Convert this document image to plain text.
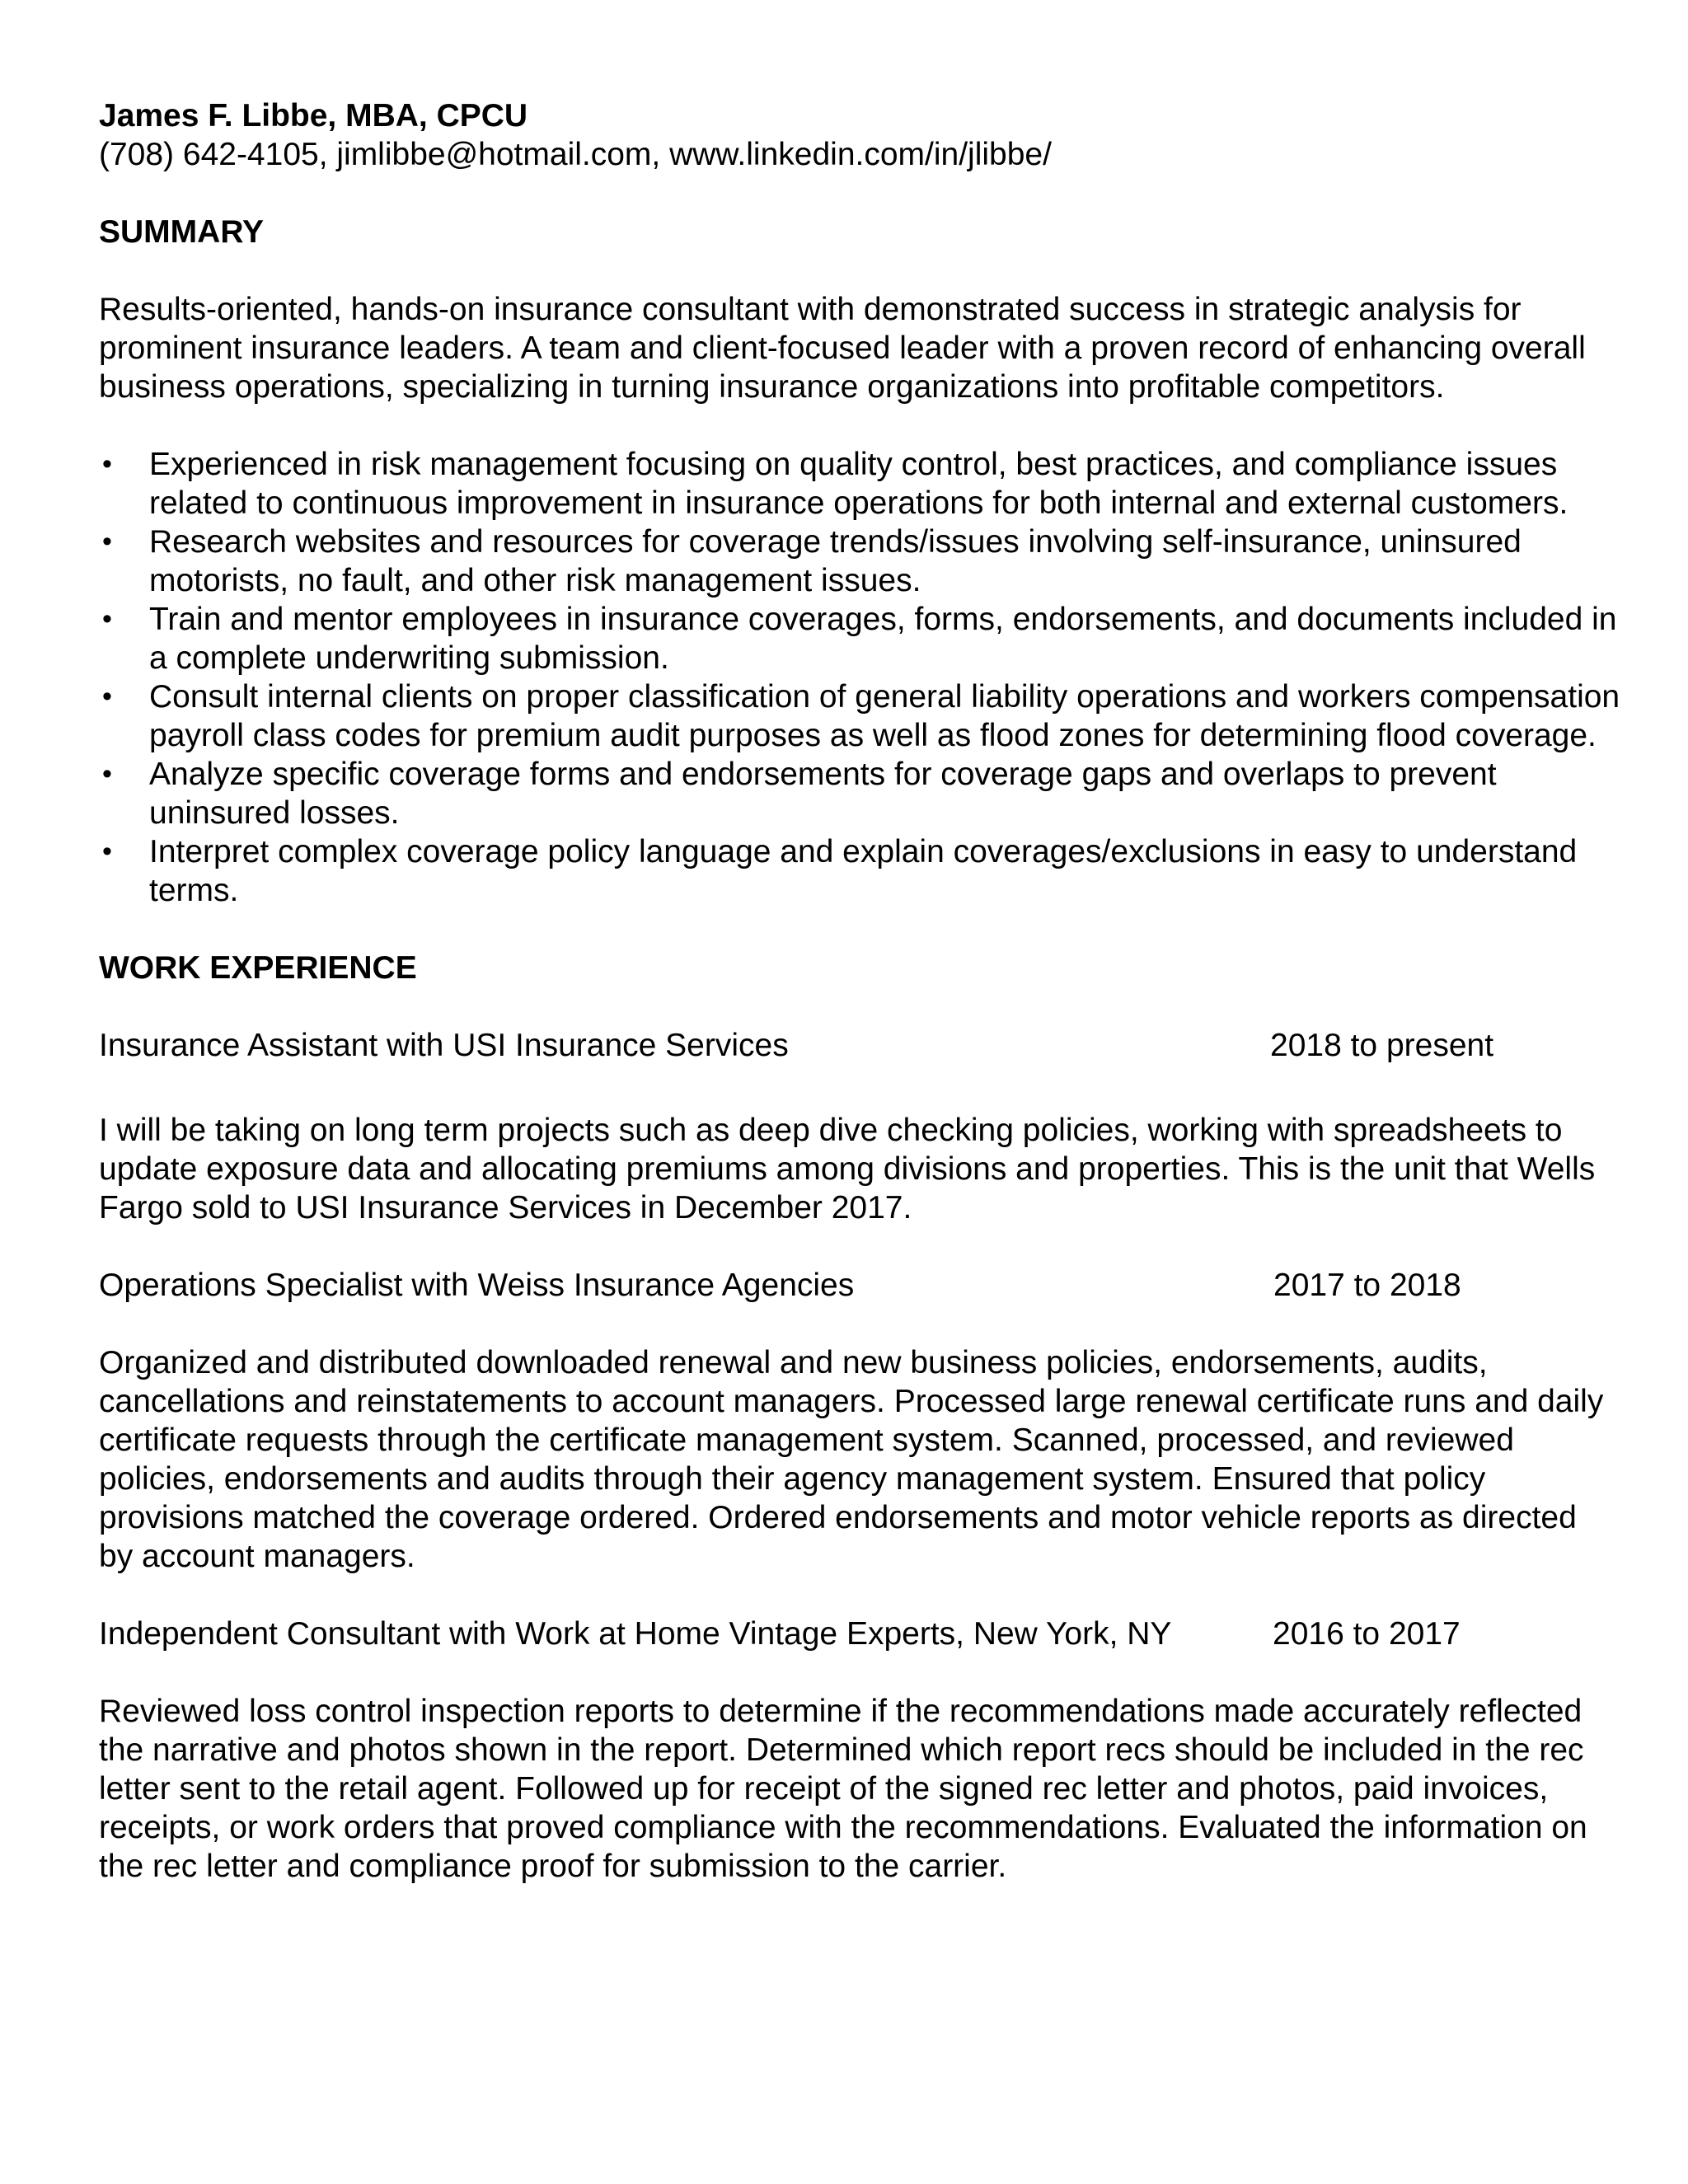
James F. Libbe, MBA, CPCU

(708) 642-4105, jimlibbe@hotmail.com, www.linkedin.com/in/jlibbe/

SUMMARY

Results-oriented, hands-on insurance consultant with demonstrated success in strategic analysis for prominent insurance leaders. A team and client-focused leader with a proven record of enhancing overall business operations, specializing in turning insurance organizations into profitable competitors.

• Experienced in risk management focusing on quality control, best practices, and compliance issues related to continuous improvement in insurance operations for both internal and external customers.
• Research websites and resources for coverage trends/issues involving self-insurance, uninsured motorists, no fault, and other risk management issues.
• Train and mentor employees in insurance coverages, forms, endorsements, and documents included in a complete underwriting submission.
• Consult internal clients on proper classification of general liability operations and workers compensation payroll class codes for premium audit purposes as well as flood zones for determining flood coverage.
• Analyze specific coverage forms and endorsements for coverage gaps and overlaps to prevent uninsured losses.
• Interpret complex coverage policy language and explain coverages/exclusions in easy to understand terms.

WORK EXPERIENCE

Insurance Assistant with USI Insurance Services	2018 to present

I will be taking on long term projects such as deep dive checking policies, working with spreadsheets to update exposure data and allocating premiums among divisions and properties. This is the unit that Wells Fargo sold to USI Insurance Services in December 2017.

Operations Specialist with Weiss Insurance Agencies	2017 to 2018

Organized and distributed downloaded renewal and new business policies, endorsements, audits, cancellations and reinstatements to account managers. Processed large renewal certificate runs and daily certificate requests through the certificate management system. Scanned, processed, and reviewed policies, endorsements and audits through their agency management system. Ensured that policy provisions matched the coverage ordered. Ordered endorsements and motor vehicle reports as directed by account managers.

Independent Consultant with Work at Home Vintage Experts, New York, NY	2016 to 2017

Reviewed loss control inspection reports to determine if the recommendations made accurately reflected the narrative and photos shown in the report. Determined which report recs should be included in the rec letter sent to the retail agent. Followed up for receipt of the signed rec letter and photos, paid invoices, receipts, or work orders that proved compliance with the recommendations. Evaluated the information on the rec letter and compliance proof for submission to the carrier.
